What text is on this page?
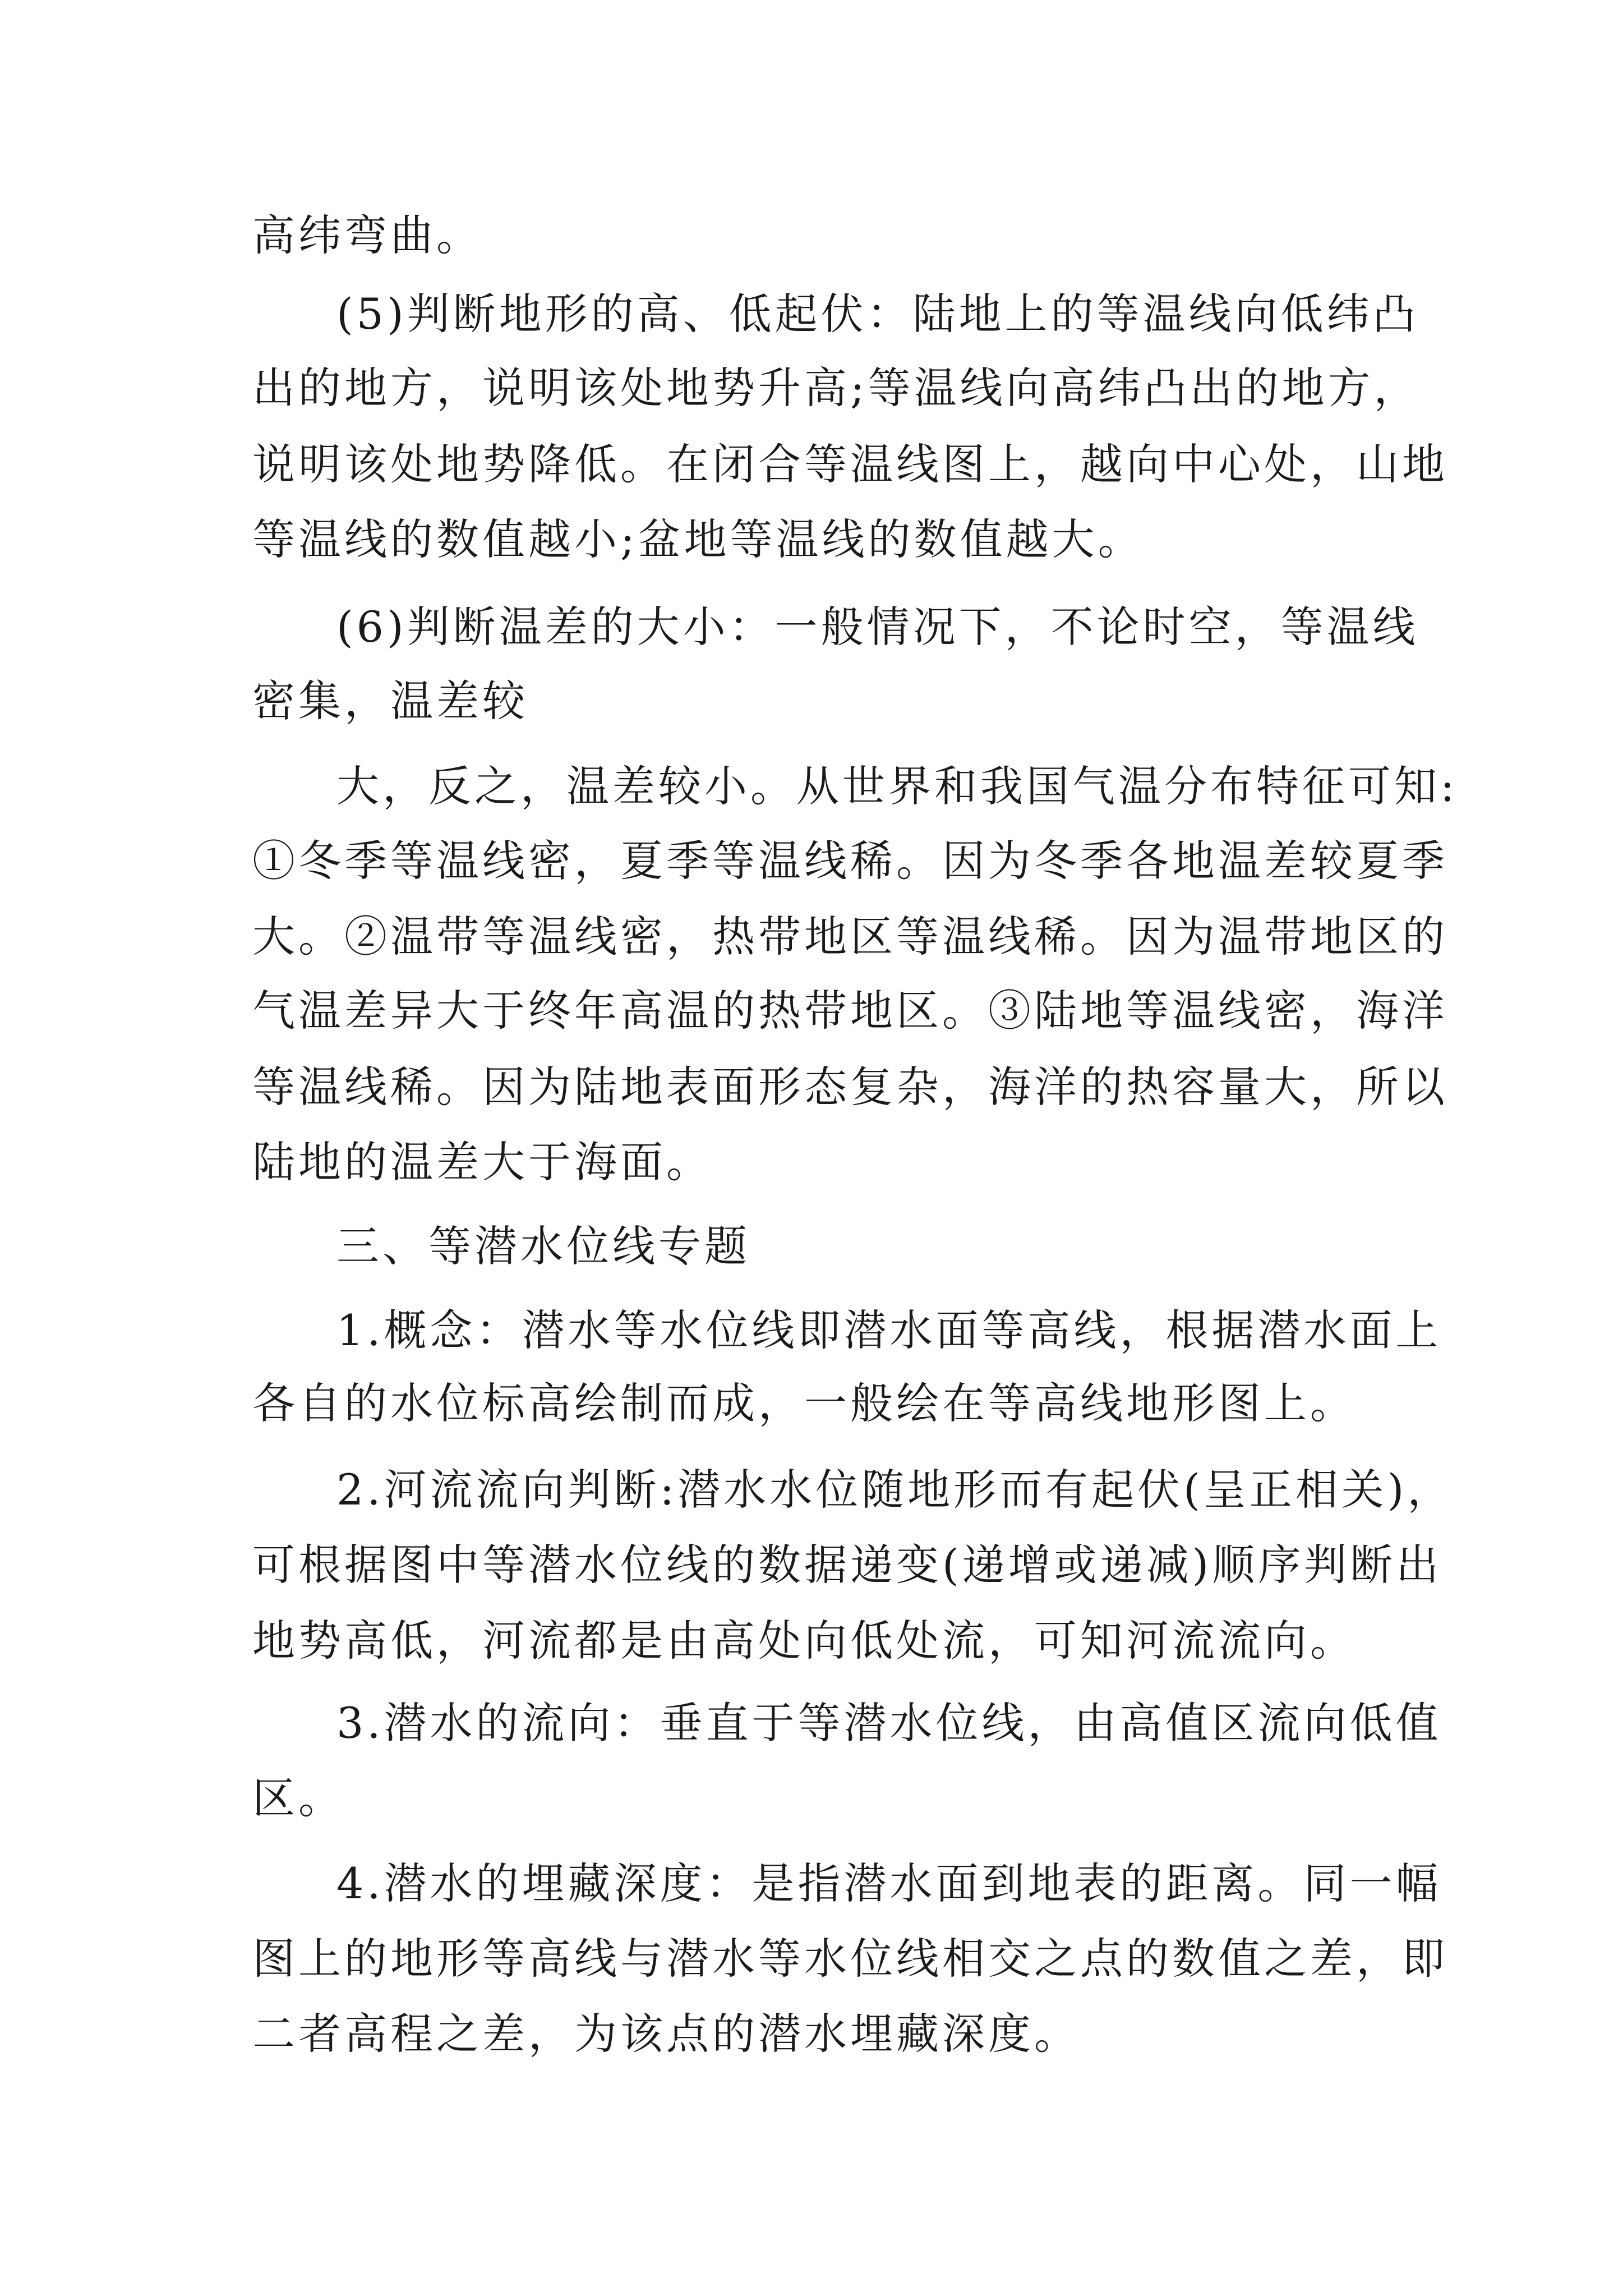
高纬弯曲。
(5)判断地形的高、低起伏：陆地上的等温线向低纬凸
出的地方，说明该处地势升高;等温线向高纬凸出的地方，
说明该处地势降低。在闭合等温线图上，越向中心处，山地
等温线的数值越小;盆地等温线的数值越大。
(6)判断温差的大小：一般情况下，不论时空，等温线
密集，温差较
大，反之，温差较小。从世界和我国气温分布特征可知:
①冬季等温线密，夏季等温线稀。因为冬季各地温差较夏季
大。②温带等温线密，热带地区等温线稀。因为温带地区的
气温差异大于终年高温的热带地区。③陆地等温线密，海洋
等温线稀。因为陆地表面形态复杂，海洋的热容量大，所以
陆地的温差大于海面。
三、等潜水位线专题
1.概念：潜水等水位线即潜水面等高线，根据潜水面上
各自的水位标高绘制而成，一般绘在等高线地形图上。
2.河流流向判断:潜水水位随地形而有起伏(呈正相关)，
可根据图中等潜水位线的数据递变(递增或递减)顺序判断出
地势高低，河流都是由高处向低处流，可知河流流向。
3.潜水的流向：垂直于等潜水位线，由高值区流向低值
区。
4.潜水的埋藏深度：是指潜水面到地表的距离。同一幅
图上的地形等高线与潜水等水位线相交之点的数值之差，即
二者高程之差，为该点的潜水埋藏深度。
